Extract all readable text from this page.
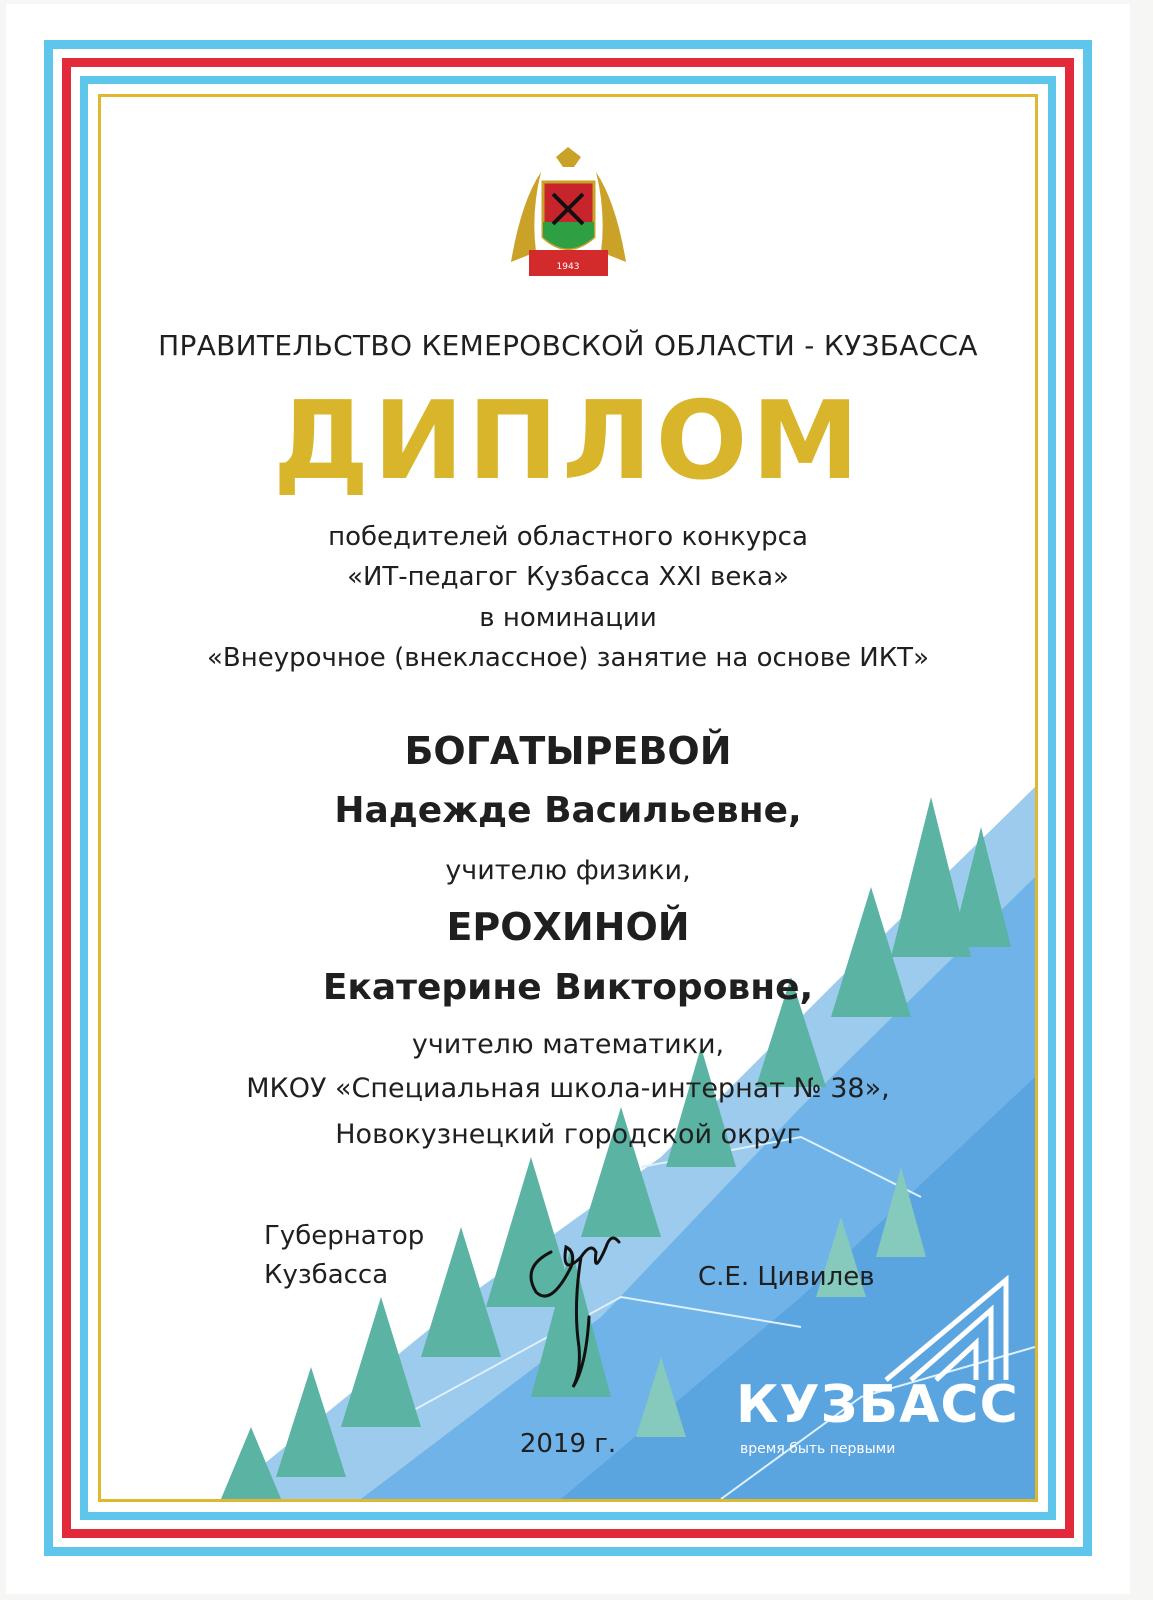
1943
ПРАВИТЕЛЬСТВО КЕМЕРОВСКОЙ ОБЛАСТИ - КУЗБАССА
ДИПЛОМ
победителей областного конкурса
«ИТ-педагог Кузбасса XXI века»
в номинации
«Внеурочное (внеклассное) занятие на основе ИКТ»
БОГАТЫРЕВОЙ
Надежде Васильевне,
учителю физики,
ЕРОХИНОЙ
Екатерине Викторовне,
учителю математики,
МКОУ «Специальная школа-интернат № 38»,
Новокузнецкий городской округ
Губернатор
Кузбасса	С.Е. Цивилев
2019 г.
КУЗБАСС
время быть первыми
